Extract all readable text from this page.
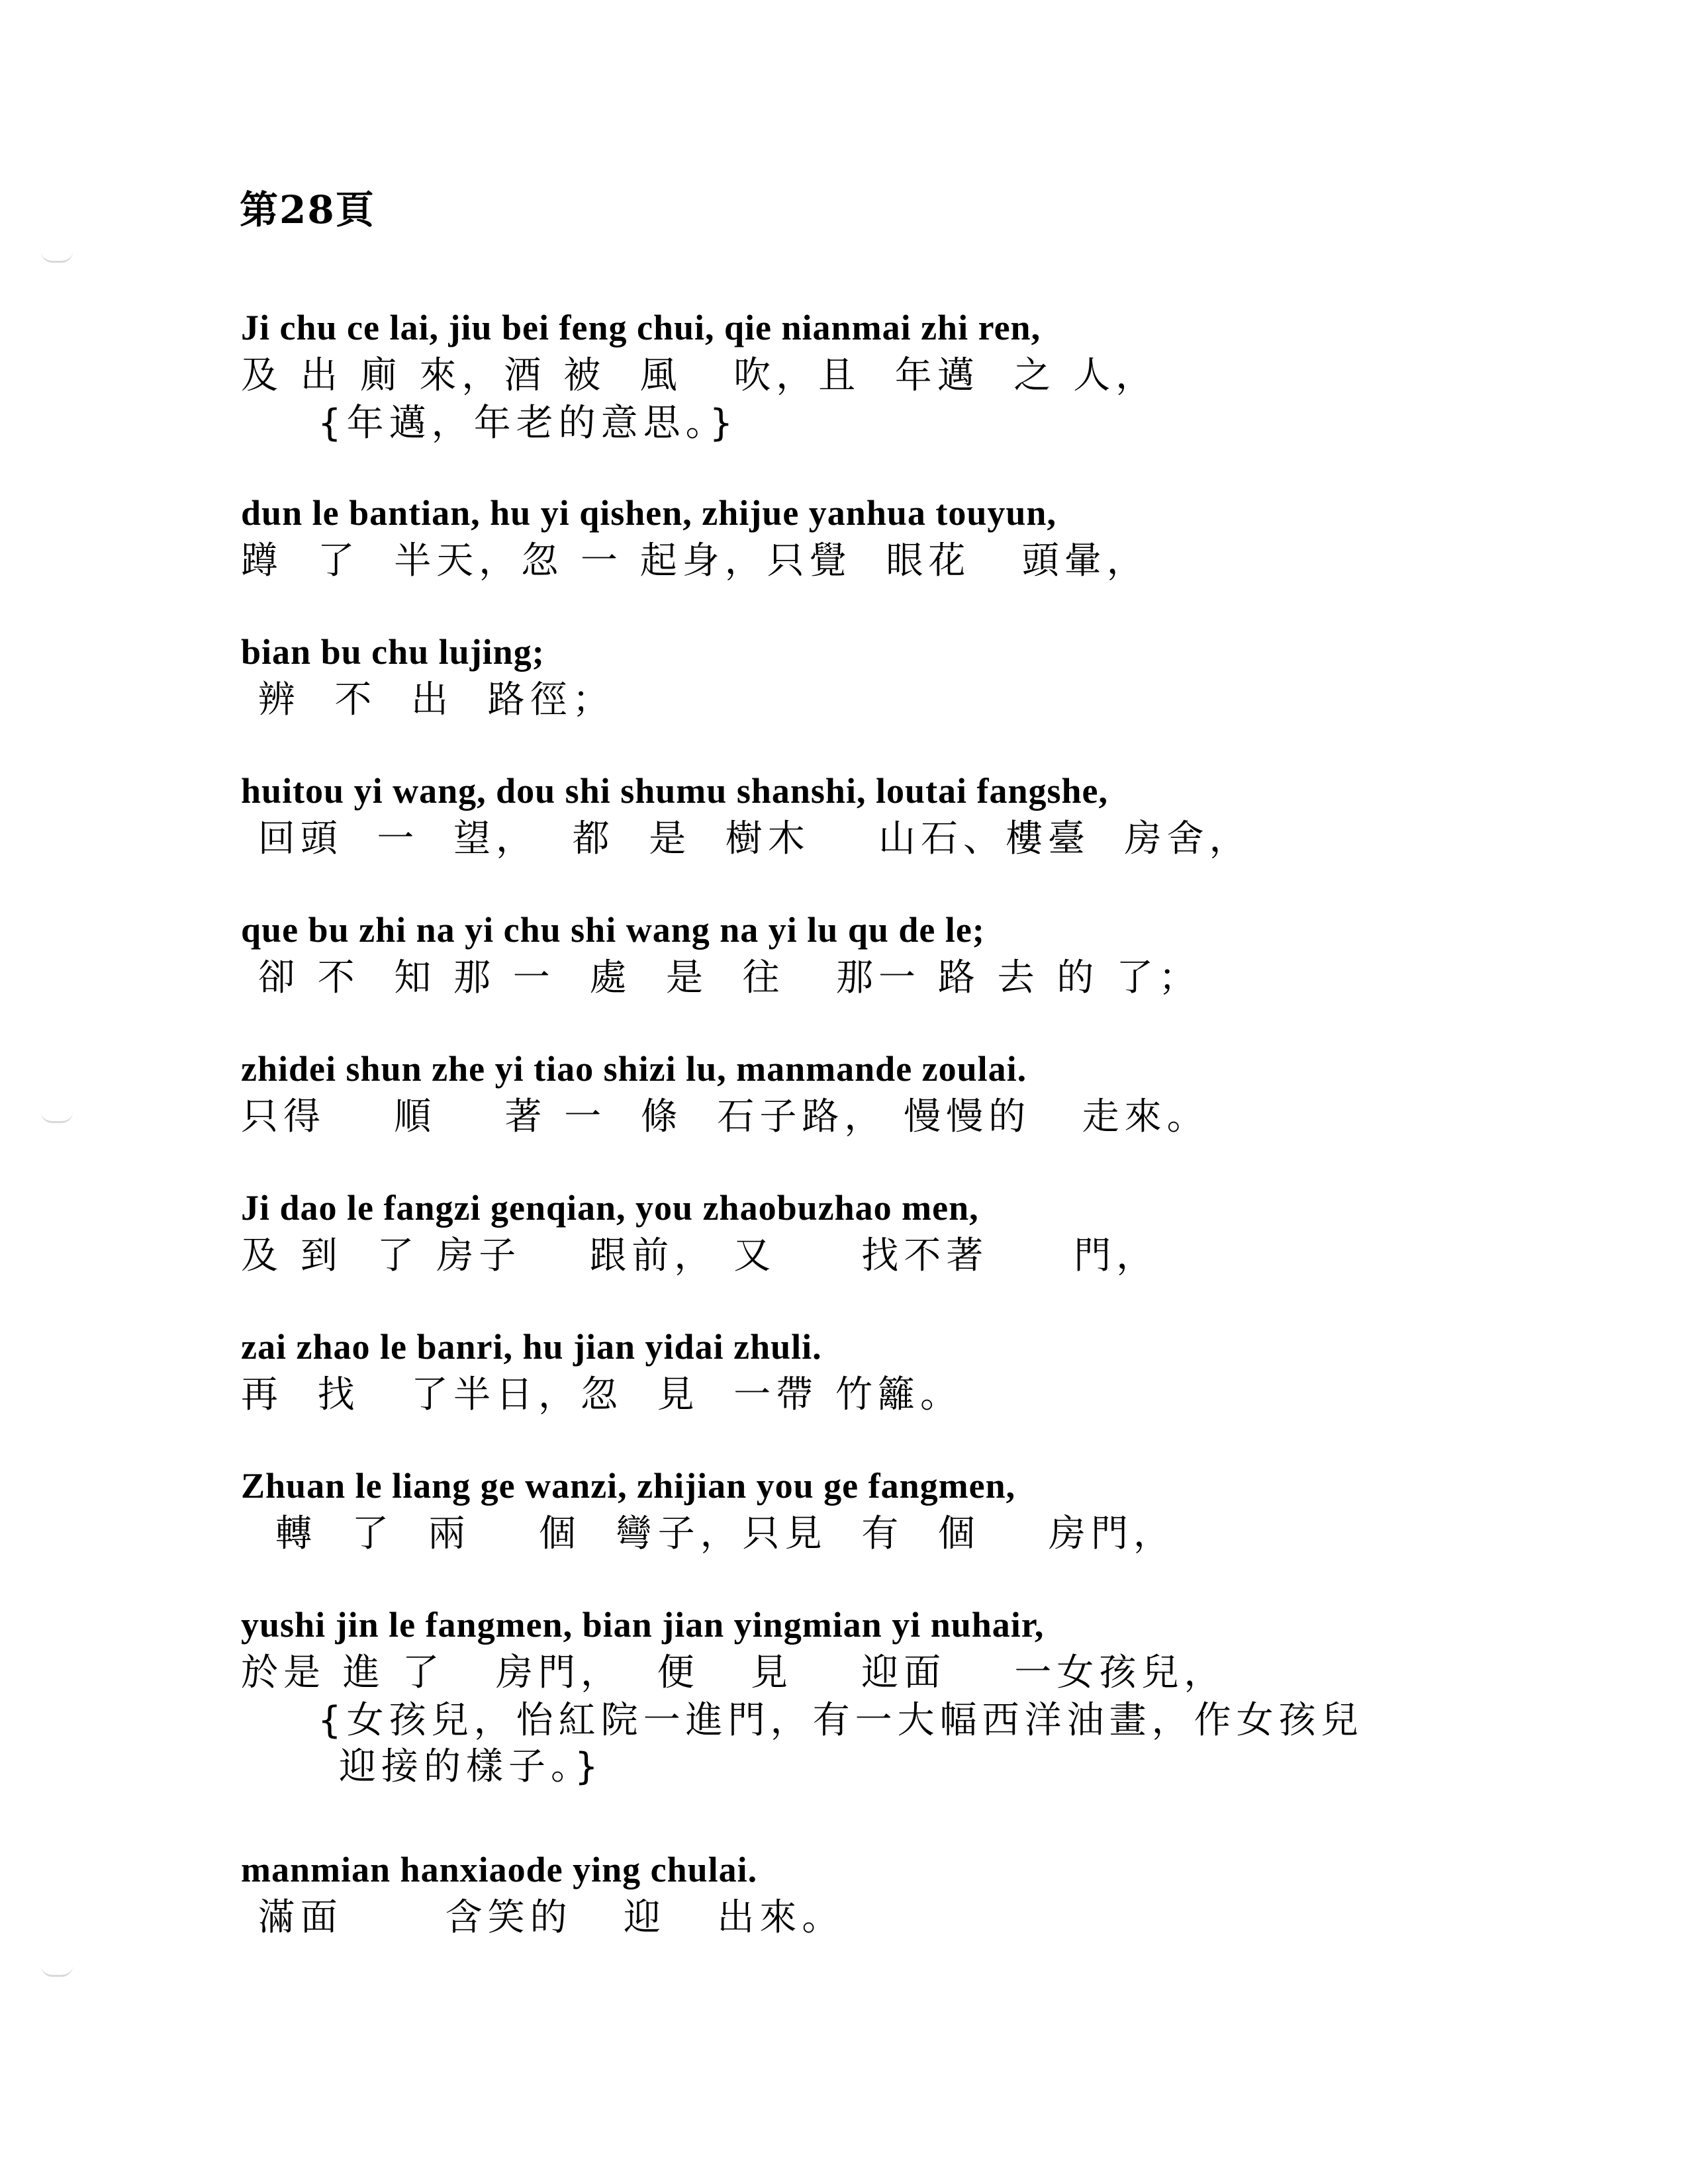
第28頁
Ji chu ce lai, jiu bei feng chui, qie nianmai zhi ren,
及 出 廁 來，酒 被  風   吹，且  年邁  之 人，
{年邁，年老的意思。}
dun le bantian, hu yi qishen, zhijue yanhua touyun,
蹲  了  半天，忽 一 起身，只覺  眼花   頭暈，
bian bu chu lujing;
辨  不  出  路徑；
huitou yi wang, dou shi shumu shanshi, loutai fangshe,
回頭  一  望，  都  是  樹木    山石、樓臺  房舍，
que bu zhi na yi chu shi wang na yi lu qu de le;
卻 不  知 那 一  處  是  往   那一 路 去 的 了；
zhidei shun zhe yi tiao shizi lu, manmande zoulai.
只得    順    著 一  條  石子路， 慢慢的   走來。
Ji dao le fangzi genqian, you zhaobuzhao men,
及 到  了 房子    跟前， 又     找不著     門，
zai zhao le banri, hu jian yidai zhuli.
再  找   了半日，忽  見  一帶 竹籬。
Zhuan le liang ge wanzi, zhijian you ge fangmen,
轉  了  兩    個  彎子，只見  有  個    房門，
yushi jin le fangmen, bian jian yingmian yi nuhair,
於是 進 了   房門，  便   見    迎面    一女孩兒，
{女孩兒，怡紅院一進門，有一大幅西洋油畫，作女孩兒
迎接的樣子。}
manmian hanxiaode ying chulai.
滿面      含笑的   迎   出來。
